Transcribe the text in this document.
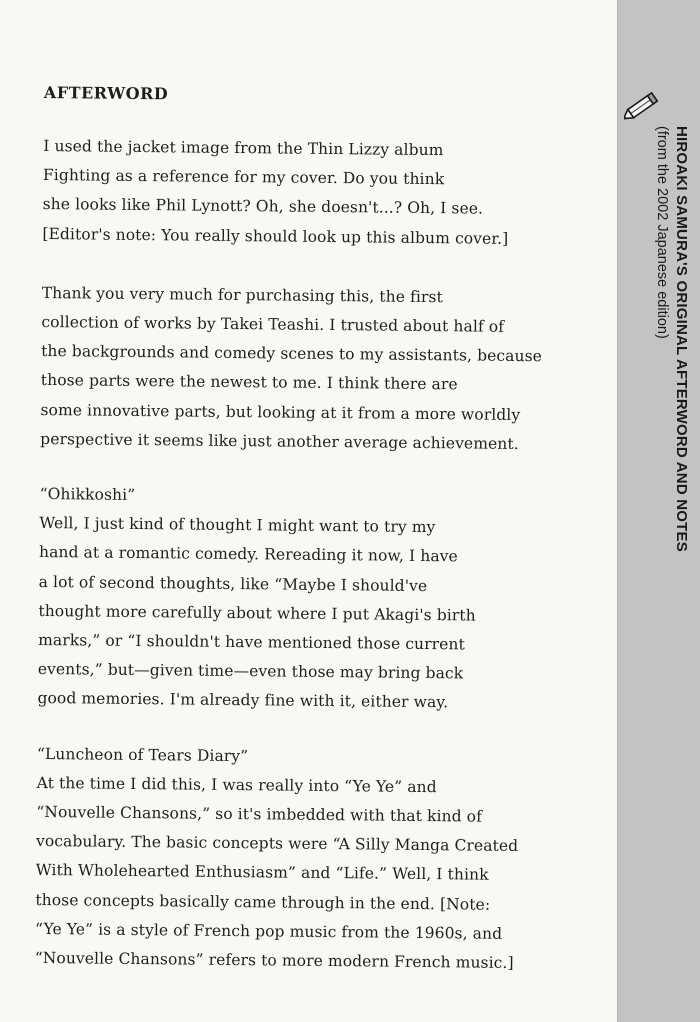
AFTERWORD

I used the jacket image from the Thin Lizzy album
Fighting as a reference for my cover. Do you think
she looks like Phil Lynott? Oh, she doesn't...? Oh, I see.
[Editor's note: You really should look up this album cover.]

Thank you very much for purchasing this, the first
collection of works by Takei Teashi. I trusted about half of
the backgrounds and comedy scenes to my assistants, because
those parts were the newest to me. I think there are
some innovative parts, but looking at it from a more worldly
perspective it seems like just another average achievement.

“Ohikkoshi”
Well, I just kind of thought I might want to try my
hand at a romantic comedy. Rereading it now, I have
a lot of second thoughts, like “Maybe I should've
thought more carefully about where I put Akagi's birth
marks,” or “I shouldn't have mentioned those current
events,” but—given time—even those may bring back
good memories. I'm already fine with it, either way.

“Luncheon of Tears Diary”
At the time I did this, I was really into “Ye Ye” and
“Nouvelle Chansons,” so it's imbedded with that kind of
vocabulary. The basic concepts were “A Silly Manga Created
With Wholehearted Enthusiasm” and “Life.” Well, I think
those concepts basically came through in the end. [Note:
“Ye Ye” is a style of French pop music from the 1960s, and
“Nouvelle Chansons” refers to more modern French music.]

HIROAKI SAMURA'S ORIGINAL AFTERWORD AND NOTES
(from the 2002 Japanese edition)
